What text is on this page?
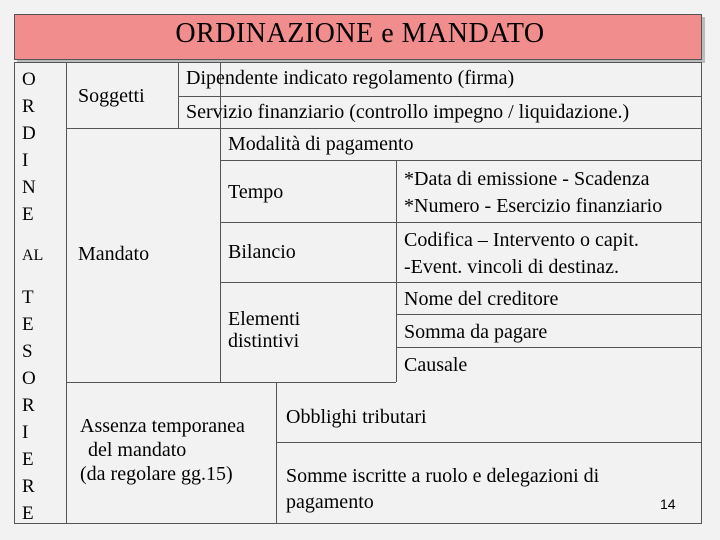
ORDINAZIONE e MANDATO
O
R
D
I
N
E
AL
T
E
S
O
R
I
E
R
E
Soggetti
Mandato
Assenza temporanea
del mandato
(da regolare gg.15)
Dipendente indicato regolamento (firma)
Servizio finanziario (controllo impegno / liquidazione.)
Modalità di pagamento
Tempo
*Data di emissione - Scadenza
*Numero - Esercizio finanziario
Bilancio
Codifica – Intervento o capit.
-Event. vincoli di destinaz.
Elementi
distintivi
Nome del creditore
Somma da pagare
Causale
Obblighi tributari
Somme iscritte a ruolo e delegazioni di
pagamento	14
